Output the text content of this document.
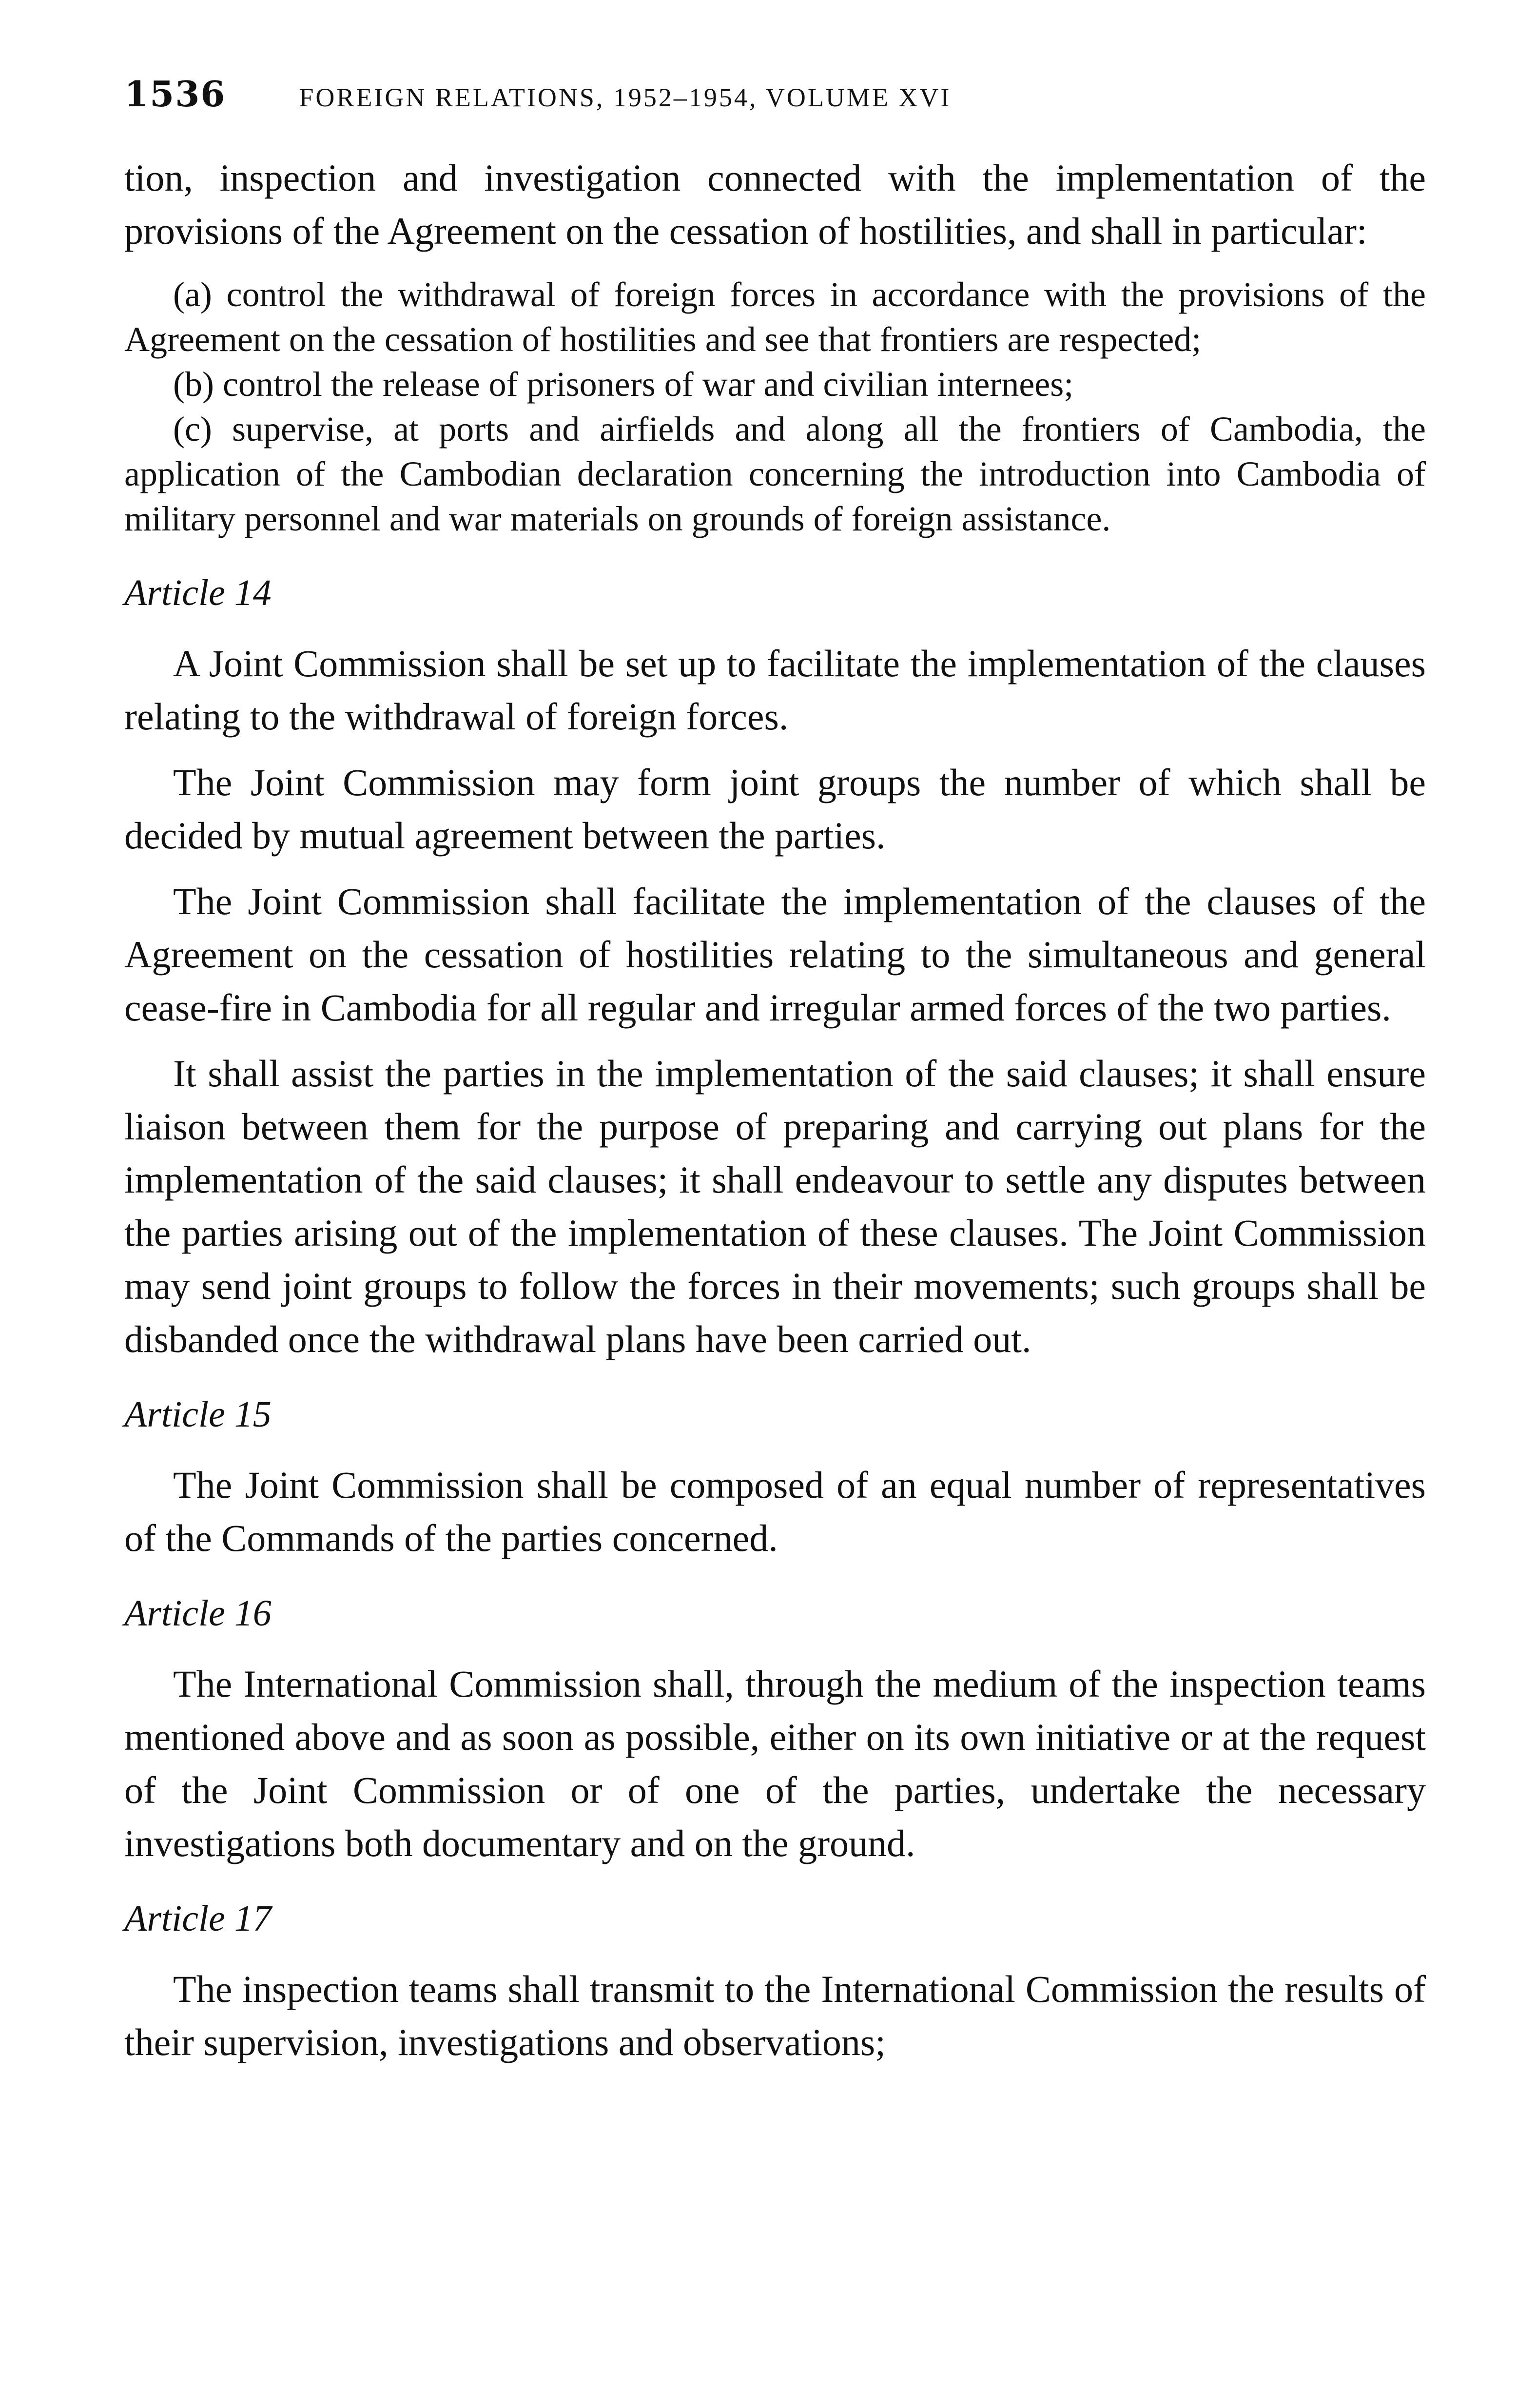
1536	FOREIGN RELATIONS, 1952–1954, VOLUME XVI

tion, inspection and investigation connected with the implementation of the provisions of the Agreement on the cessation of hostilities, and shall in particular:

(a) control the withdrawal of foreign forces in accordance with the provisions of the Agreement on the cessation of hostilities and see that frontiers are respected;

(b) control the release of prisoners of war and civilian internees;

(c) supervise, at ports and airfields and along all the frontiers of Cambodia, the application of the Cambodian declaration concerning the introduction into Cambodia of military personnel and war materials on grounds of foreign assistance.

Article 14

A Joint Commission shall be set up to facilitate the implementation of the clauses relating to the withdrawal of foreign forces.

The Joint Commission may form joint groups the number of which shall be decided by mutual agreement between the parties.

The Joint Commission shall facilitate the implementation of the clauses of the Agreement on the cessation of hostilities relating to the simultaneous and general cease-fire in Cambodia for all regular and irregular armed forces of the two parties.

It shall assist the parties in the implementation of the said clauses; it shall ensure liaison between them for the purpose of preparing and carrying out plans for the implementation of the said clauses; it shall endeavour to settle any disputes between the parties arising out of the implementation of these clauses. The Joint Commission may send joint groups to follow the forces in their movements; such groups shall be disbanded once the withdrawal plans have been carried out.

Article 15

The Joint Commission shall be composed of an equal number of representatives of the Commands of the parties concerned.

Article 16

The International Commission shall, through the medium of the inspection teams mentioned above and as soon as possible, either on its own initiative or at the request of the Joint Commission or of one of the parties, undertake the necessary investigations both documentary and on the ground.

Article 17

The inspection teams shall transmit to the International Commission the results of their supervision, investigations and observations;
